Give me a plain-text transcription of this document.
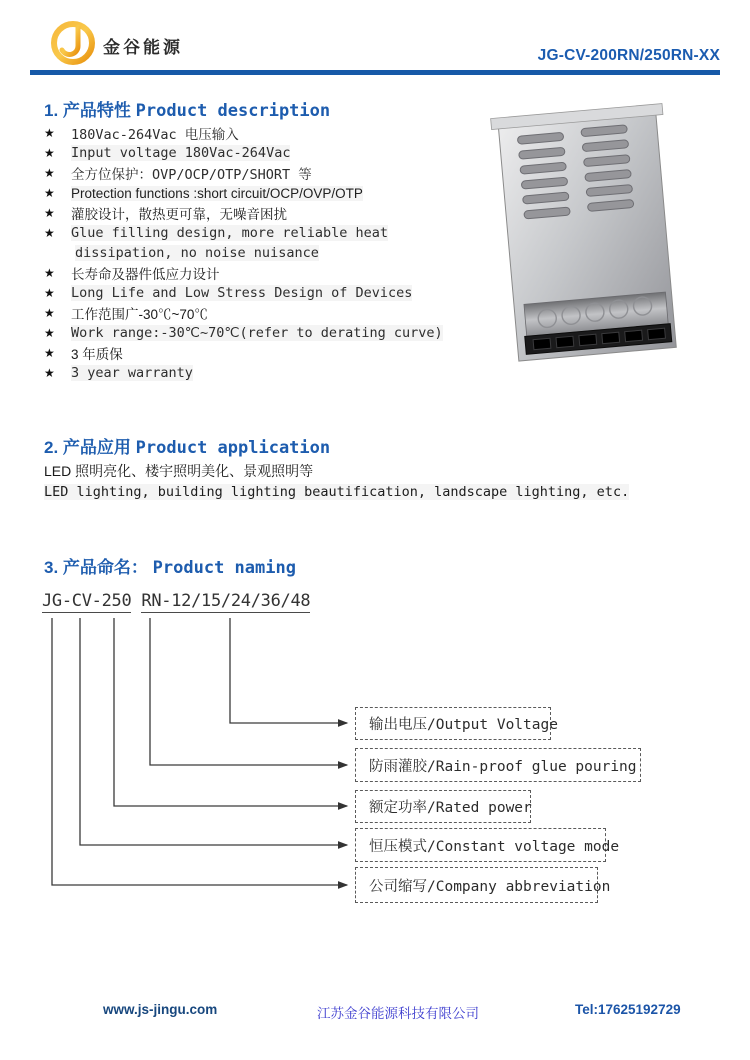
金谷能源	JG-CV-200RN/250RN-XX
1. 产品特性 Product description
★	180Vac-264Vac 电压输入
★	Input voltage 180Vac-264Vac
★	全方位保护：OVP/OCP/OTP/SHORT 等
★	Protection functions :short circuit/OCP/OVP/OTP
★	灌胶设计，散热更可靠，无噪音困扰
★	Glue filling design, more reliable heat
dissipation, no noise nuisance
★	长寿命及器件低应力设计
★	Long Life and Low Stress Design of Devices
★	工作范围广-30℃~70℃
★	Work range:-30℃~70℃(refer to derating curve)
★	3 年质保
★	3 year warranty
2. 产品应用 Product application
LED 照明亮化、楼宇照明美化、景观照明等
LED lighting, building lighting beautification, landscape lighting, etc.
3. 产品命名： Product naming
JG-CV-250 RN-12/15/24/36/48
输出电压/Output Voltage
防雨灌胶/Rain-proof glue pouring
额定功率/Rated power
恒压模式/Constant voltage mode
公司缩写/Company abbreviation
www.js-jingu.com	江苏金谷能源科技有限公司	Tel:17625192729
